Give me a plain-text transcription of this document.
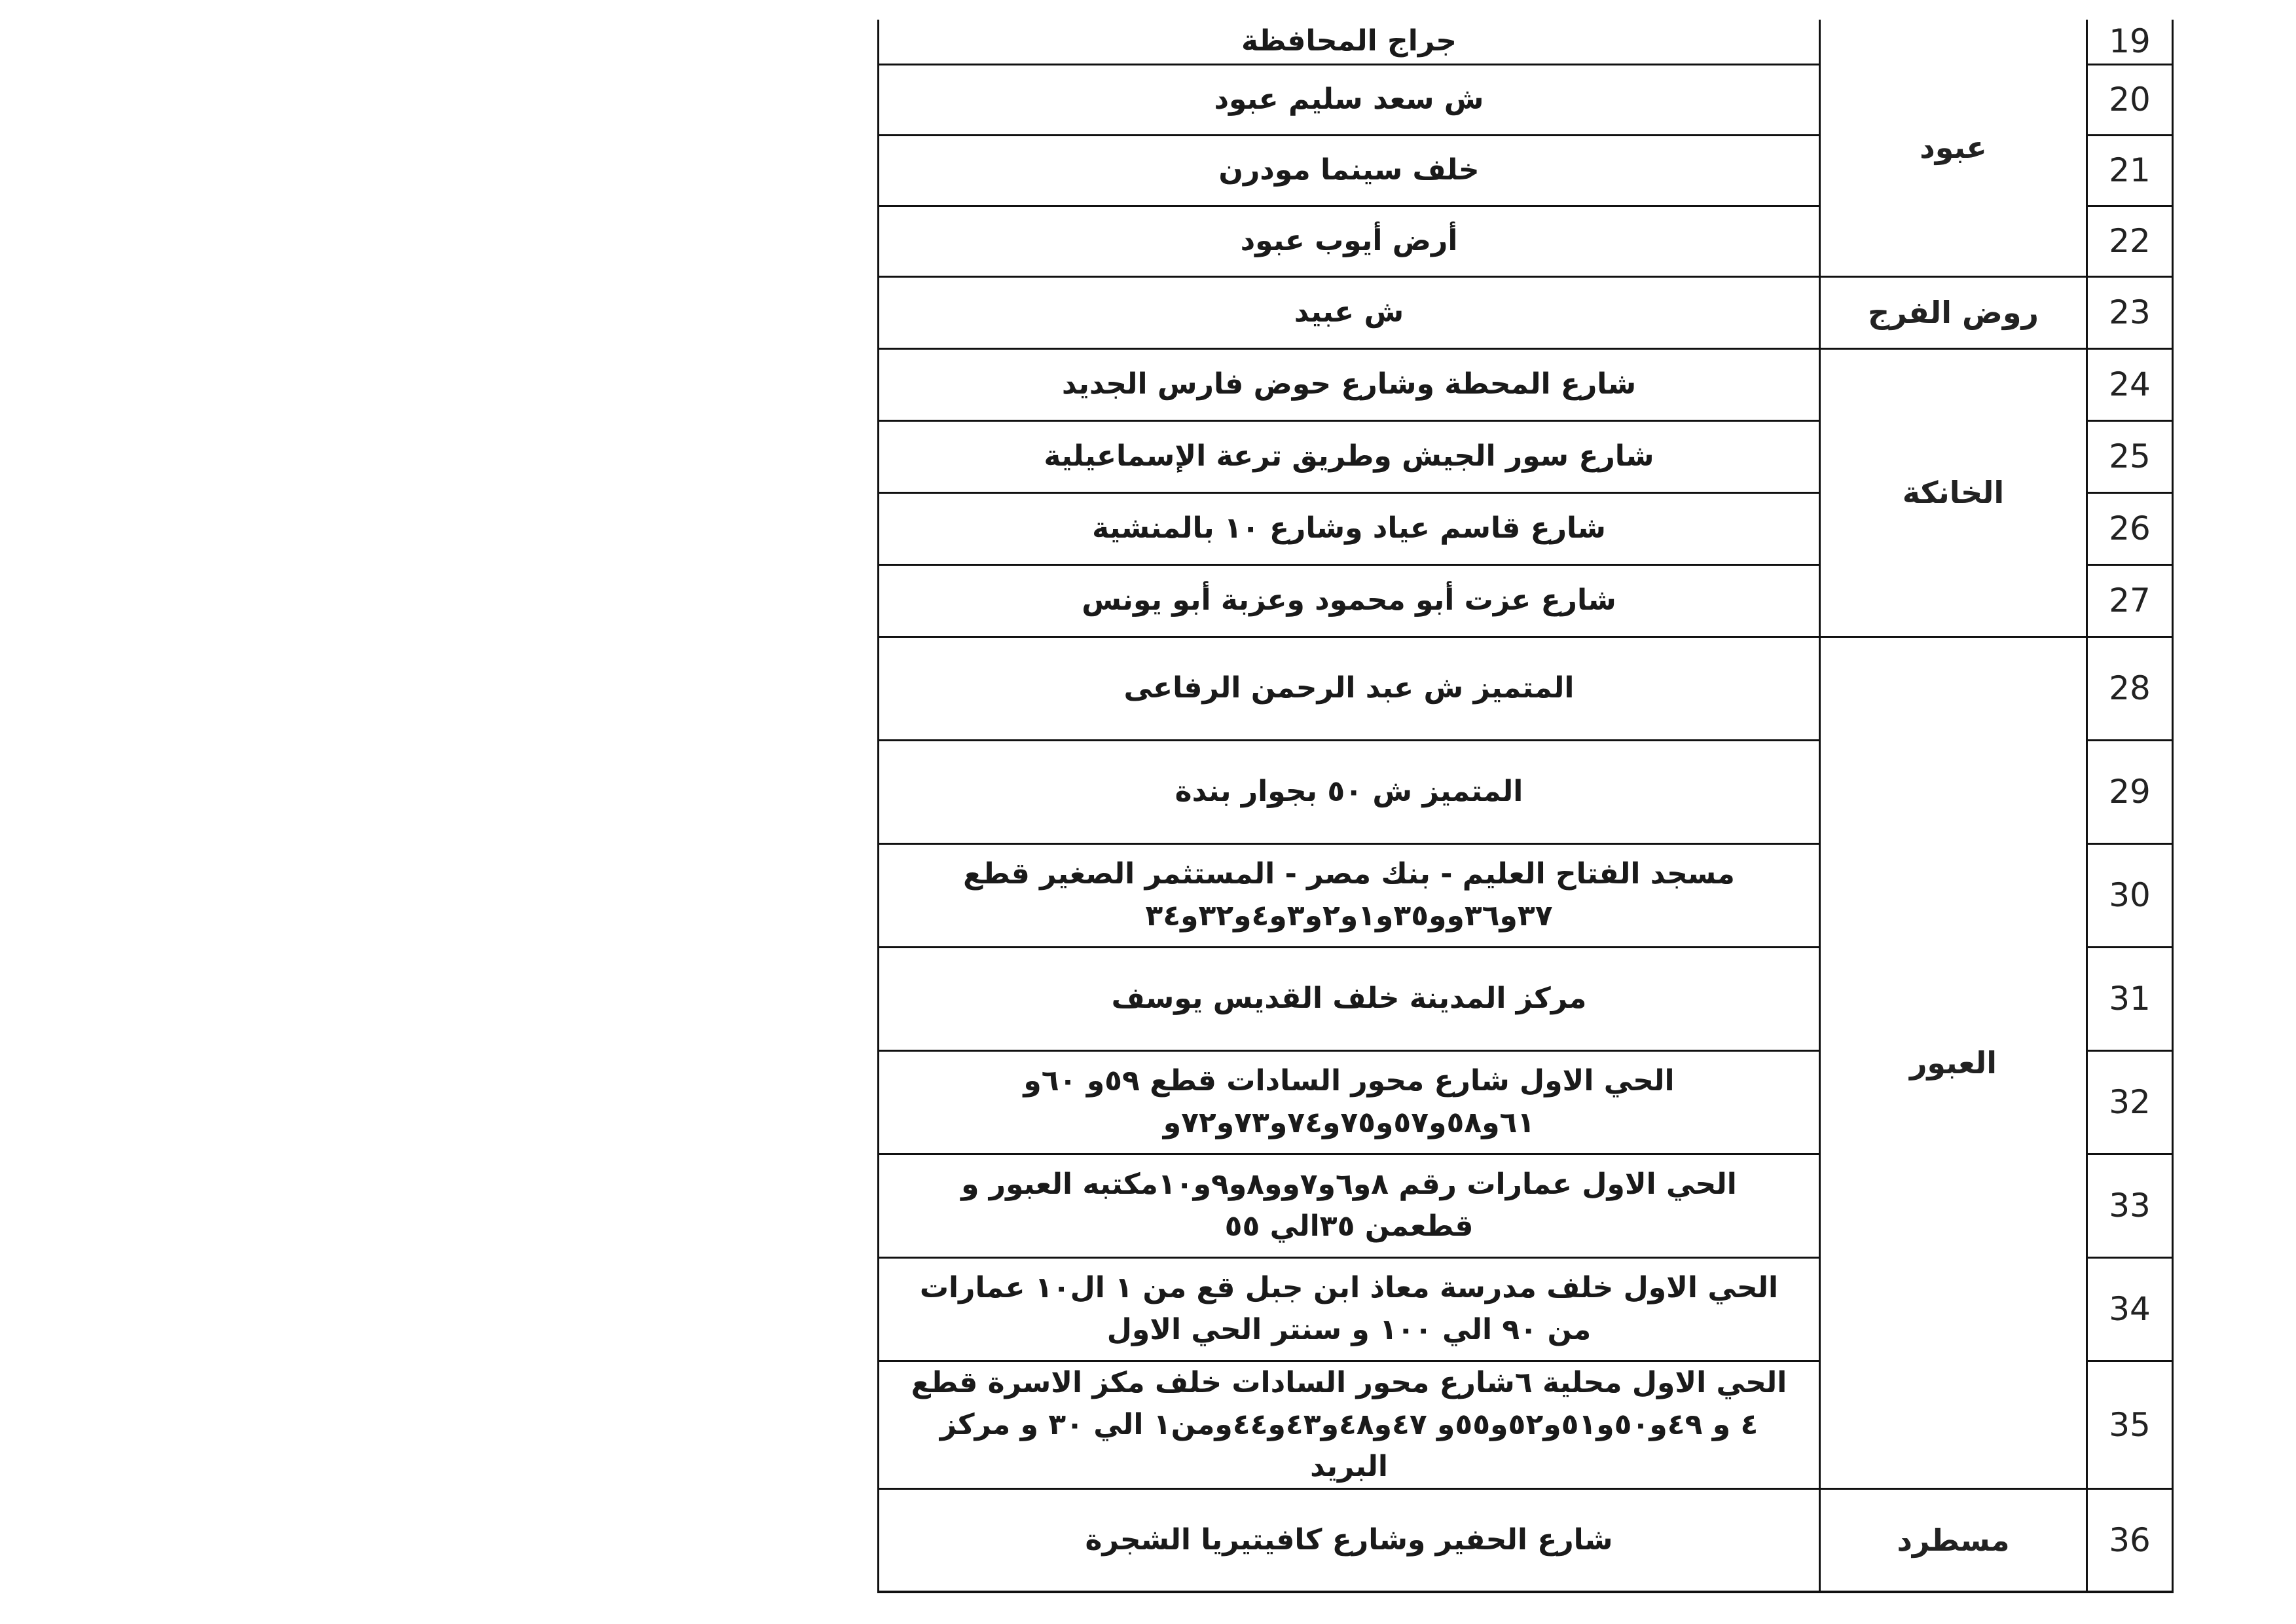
19	عبود	جراج المحافظة

20		ش سعد سليم عبود

21		خلف سينما مودرن

22		أرض أيوب عبود

23	روض الفرج	ش عبيد

24	الخانكة	شارع المحطة وشارع حوض فارس الجديد

25		شارع سور الجيش وطريق ترعة الإسماعيلية

26		شارع قاسم عياد وشارع ١٠ بالمنشية

27		شارع عزت أبو محمود وعزبة أبو يونس

28	العبور	المتميز ش عبد الرحمن الرفاعى

29		المتميز ش ٥٠ بجوار بندة

30		مسجد الفتاح العليم - بنك مصر - المستثمر الصغير قطع ٣٧و٣٦وو٣٥و١و٢و٣و٤و٣٢و٣٤

31		مركز المدينة خلف القديس يوسف

32		الحي الاول شارع محور السادات قطع ٥٩و ٦٠و ٦١و٥٨و٥٧و٧٥و٧٤و٧٣و٧٢و

33		الحي الاول عمارات رقم ٨و٦و٧وو٨و٩و١٠مكتبه العبور و قطعمن ٣٥الي ٥٥

34		الحي الاول خلف مدرسة معاذ ابن جبل قع من ١ ال١٠ عمارات من ٩٠ الي ١٠٠ و سنتر الحي الاول

35		الحي الاول محلية ٦شارع محور السادات خلف مكز الاسرة قطع ٤ و ٤٩و٥٠و٥١و٥٢و٥٥و ٤٧و٤٨و٤٣و٤٤ومن١ الي ٣٠ و مركز البريد

36	مسطرد	شارع الحفير وشارع كافيتيريا الشجرة
